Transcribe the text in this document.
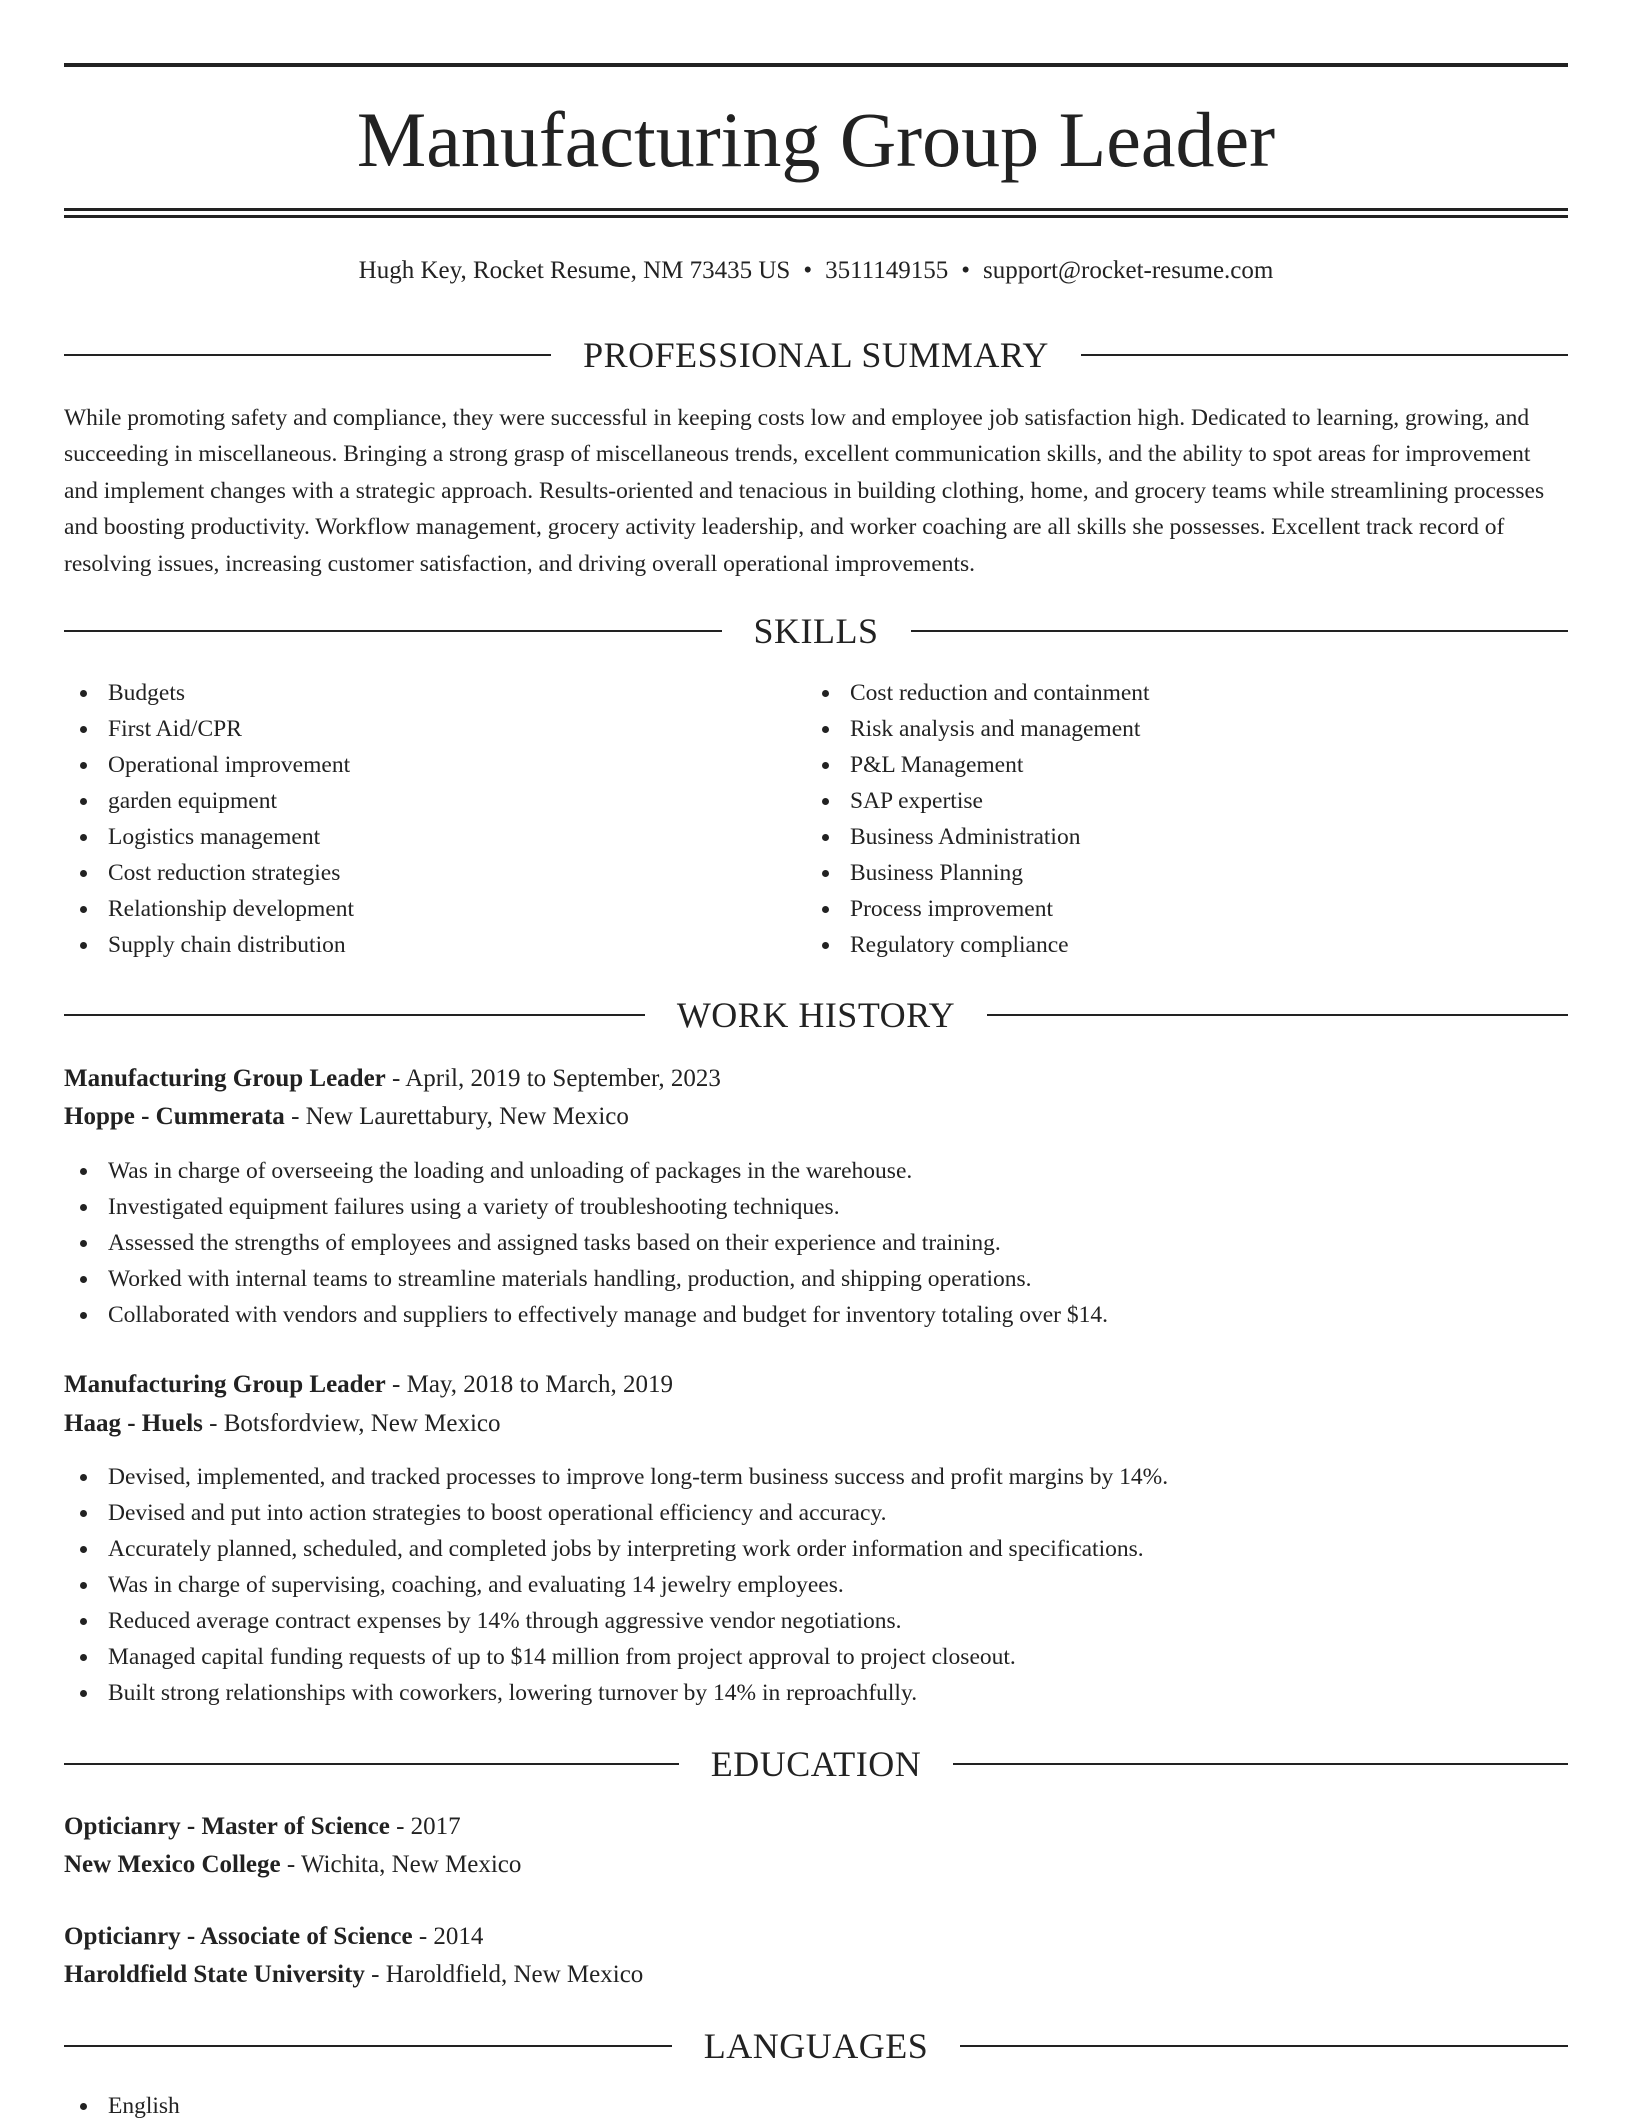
Manufacturing Group Leader
Hugh Key, Rocket Resume, NM 73435 US • 3511149155 • support@rocket-resume.com
PROFESSIONAL SUMMARY

While promoting safety and compliance, they were successful in keeping costs low and employee job satisfaction high. Dedicated to learning, growing, and succeeding in miscellaneous. Bringing a strong grasp of miscellaneous trends, excellent communication skills, and the ability to spot areas for improvement and implement changes with a strategic approach. Results-oriented and tenacious in building clothing, home, and grocery teams while streamlining processes and boosting productivity. Workflow management, grocery activity leadership, and worker coaching are all skills she possesses. Excellent track record of resolving issues, increasing customer satisfaction, and driving overall operational improvements.

SKILLS
Budgets
First Aid/CPR
Operational improvement
garden equipment
Logistics management
Cost reduction strategies
Relationship development
Supply chain distribution
Cost reduction and containment
Risk analysis and management
P&L Management
SAP expertise
Business Administration
Business Planning
Process improvement
Regulatory compliance
WORK HISTORY
Manufacturing Group Leader - April, 2019 to September, 2023
Hoppe - Cummerata - New Laurettabury, New Mexico
Was in charge of overseeing the loading and unloading of packages in the warehouse.
Investigated equipment failures using a variety of troubleshooting techniques.
Assessed the strengths of employees and assigned tasks based on their experience and training.
Worked with internal teams to streamline materials handling, production, and shipping operations.
Collaborated with vendors and suppliers to effectively manage and budget for inventory totaling over $14.
Manufacturing Group Leader - May, 2018 to March, 2019
Haag - Huels - Botsfordview, New Mexico
Devised, implemented, and tracked processes to improve long-term business success and profit margins by 14%.
Devised and put into action strategies to boost operational efficiency and accuracy.
Accurately planned, scheduled, and completed jobs by interpreting work order information and specifications.
Was in charge of supervising, coaching, and evaluating 14 jewelry employees.
Reduced average contract expenses by 14% through aggressive vendor negotiations.
Managed capital funding requests of up to $14 million from project approval to project closeout.
Built strong relationships with coworkers, lowering turnover by 14% in reproachfully.
EDUCATION
Opticianry - Master of Science - 2017
New Mexico College - Wichita, New Mexico
Opticianry - Associate of Science - 2014
Haroldfield State University - Haroldfield, New Mexico
LANGUAGES
English
